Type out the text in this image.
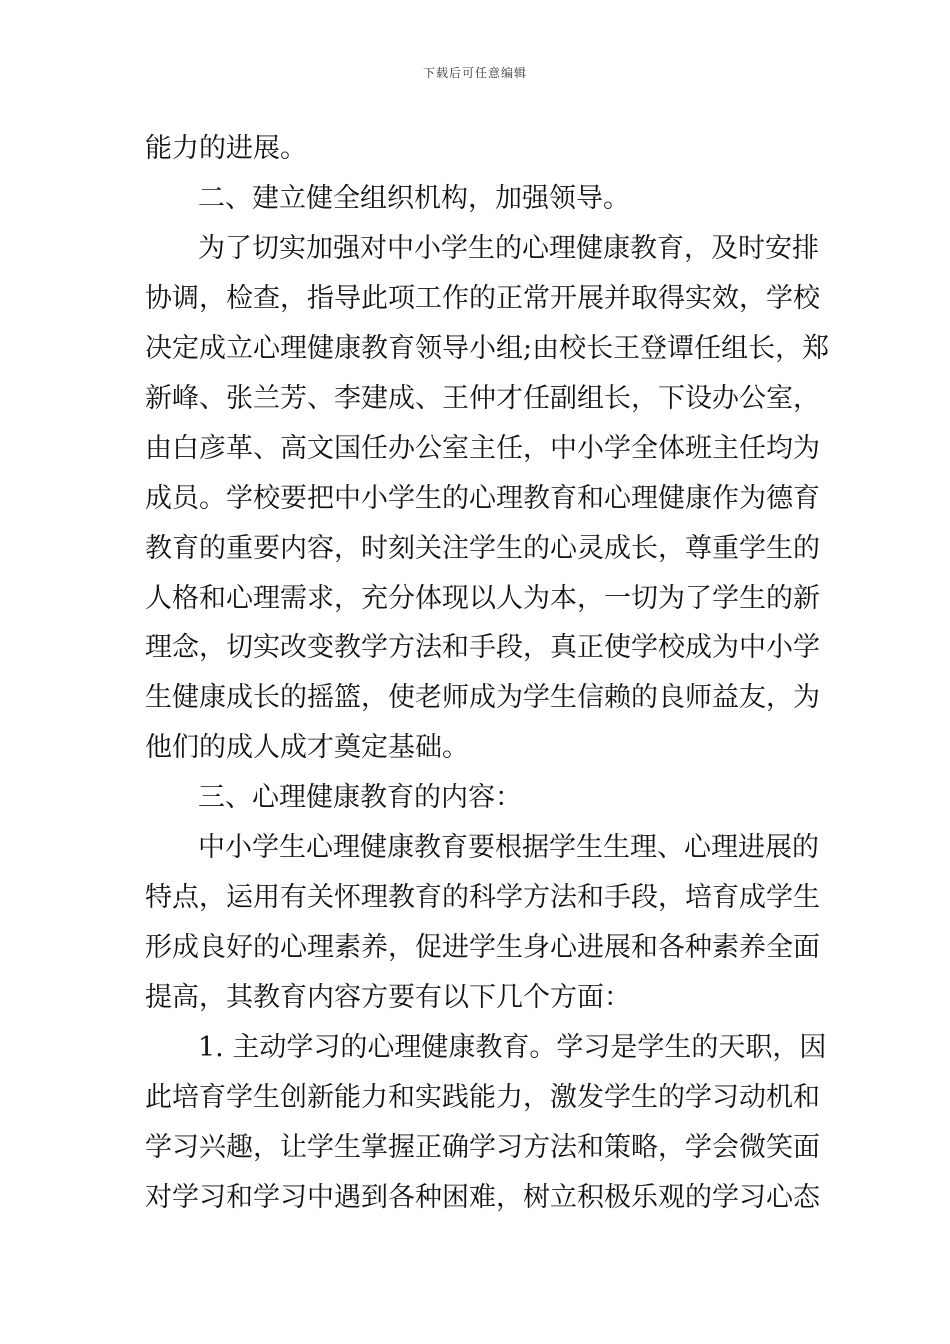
下载后可任意编辑
能力的进展。
二、建立健全组织机构，加强领导。
为了切实加强对中小学生的心理健康教育，及时安排
协调，检查，指导此项工作的正常开展并取得实效，学校
决定成立心理健康教育领导小组;由校长王登谭任组长，郑
新峰、张兰芳、李建成、王仲才任副组长，下设办公室，
由白彦革、高文国任办公室主任，中小学全体班主任均为
成员。学校要把中小学生的心理教育和心理健康作为德育
教育的重要内容，时刻关注学生的心灵成长，尊重学生的
人格和心理需求，充分体现以人为本，一切为了学生的新
理念，切实改变教学方法和手段，真正使学校成为中小学
生健康成长的摇篮，使老师成为学生信赖的良师益友，为
他们的成人成才奠定基础。
三、心理健康教育的内容：
中小学生心理健康教育要根据学生生理、心理进展的
特点，运用有关怀理教育的科学方法和手段，培育成学生
形成良好的心理素养，促进学生身心进展和各种素养全面
提高，其教育内容方要有以下几个方面：
1. 主动学习的心理健康教育。学习是学生的天职，因
此培育学生创新能力和实践能力，激发学生的学习动机和
学习兴趣，让学生掌握正确学习方法和策略，学会微笑面
对学习和学习中遇到各种困难，树立积极乐观的学习心态
